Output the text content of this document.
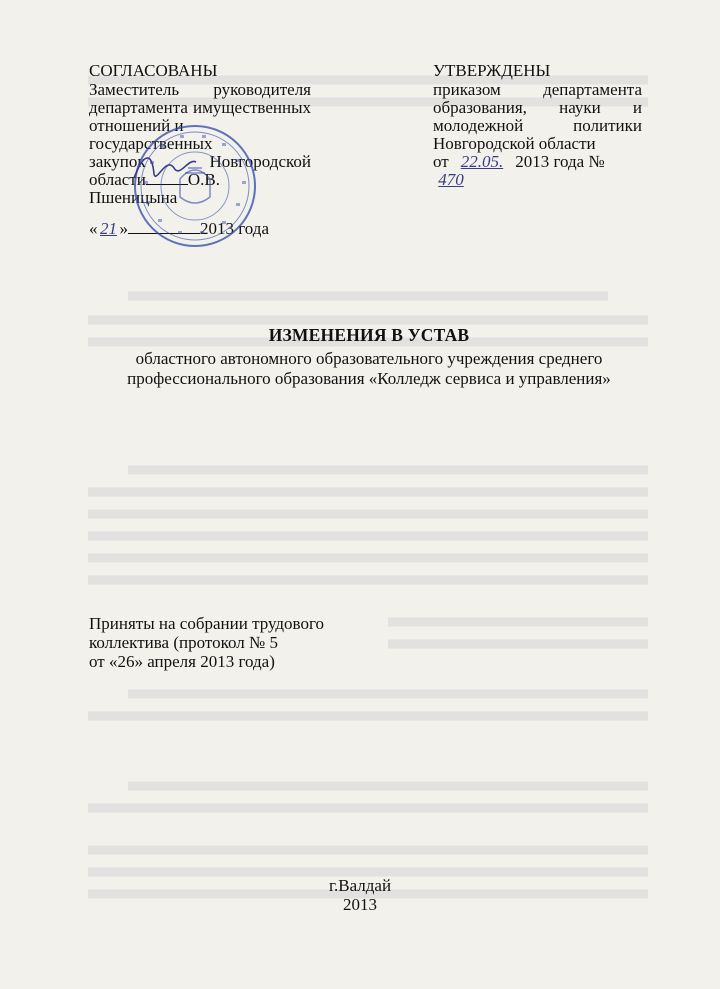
СОГЛАСОВАНЫ
Заместитель руководителя
департамента имущественных
отношений и государственных
закупок	Новгородской
области О.В. Пшеницына
« 21 »	2013 года
УТВЕРЖДЕНЫ
приказом департамента
образования, науки и
молодежной	политики
Новгородской области
от 22.05. 2013 года № 470
ИЗМЕНЕНИЯ В УСТАВ
областного автономного образовательного учреждения среднего
профессионального образования «Колледж сервиса и управления»
Приняты на собрании трудового
коллектива (протокол № 5
от «26» апреля 2013 года)
г.Валдай
2013
